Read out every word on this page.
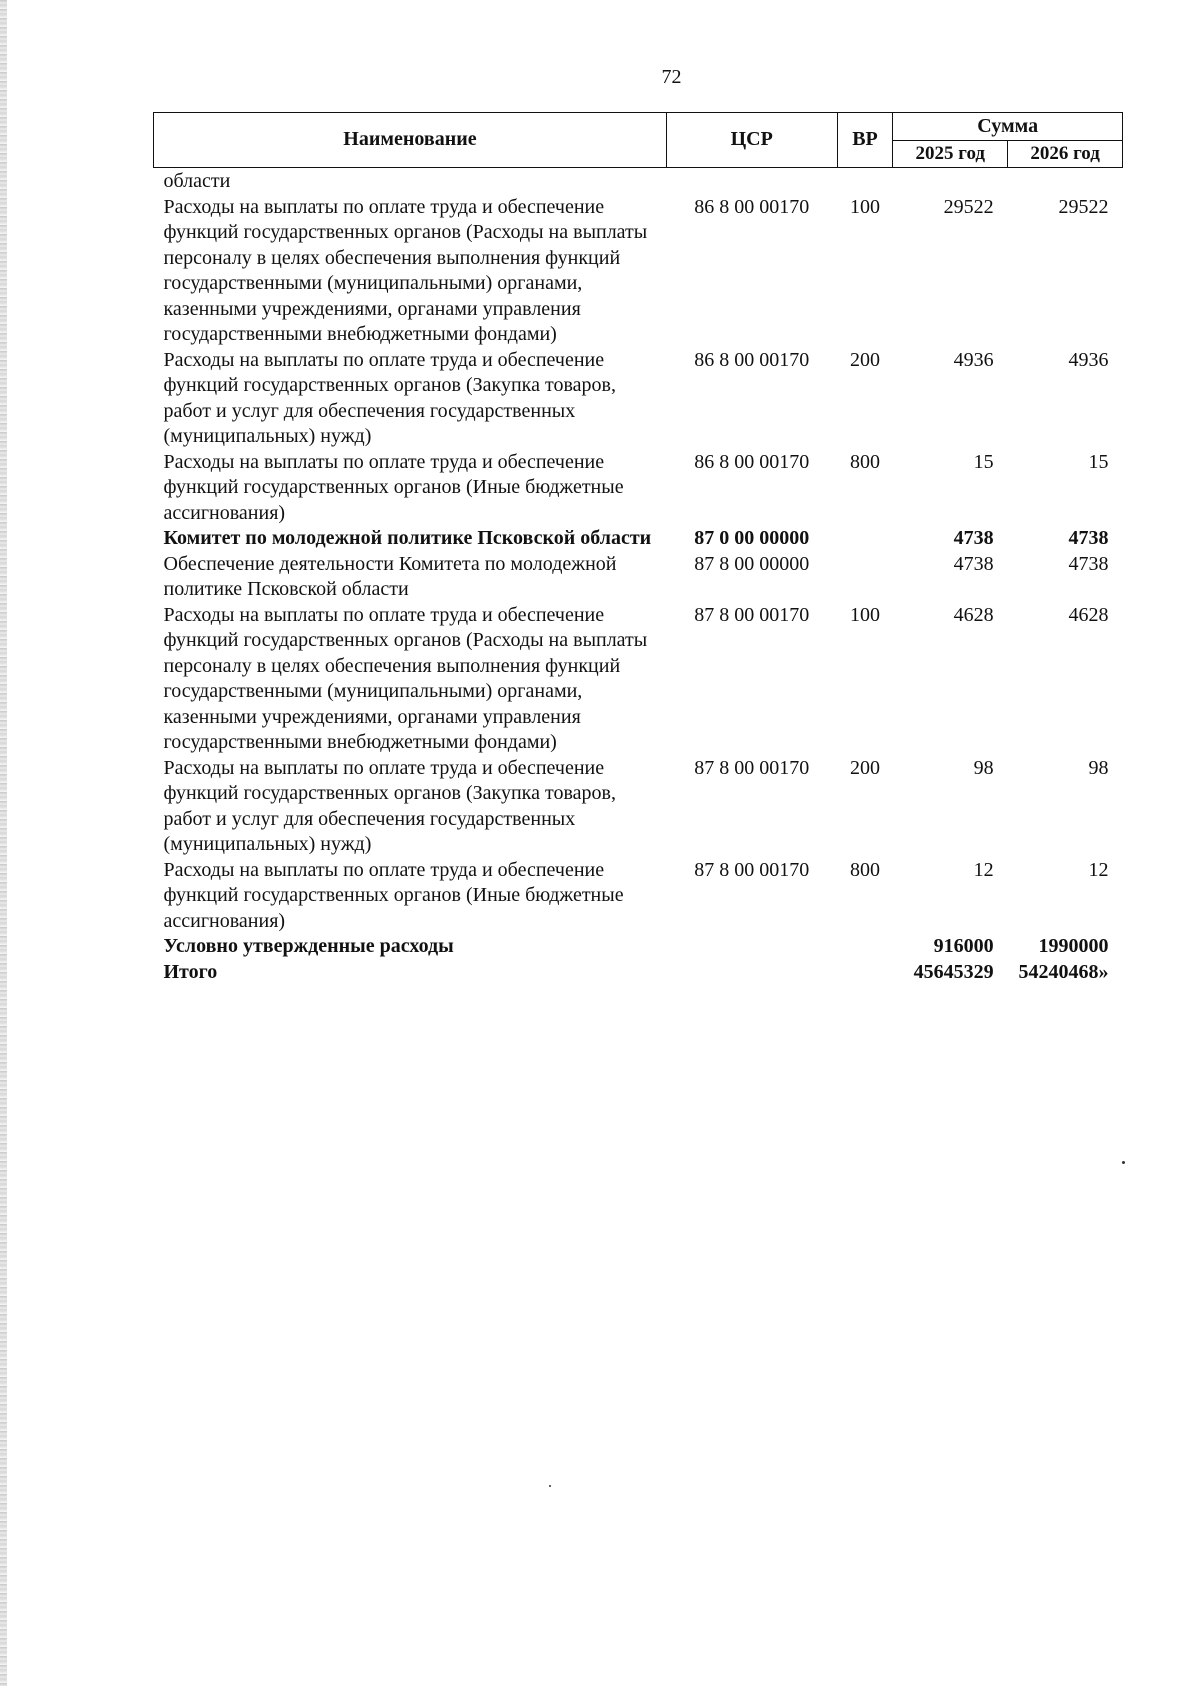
72
Наименование	ЦСР	ВР	Сумма	
			2025 год	2026 год
области				
Расходы на выплаты по оплате труда и обеспечение функций государственных органов (Расходы на выплаты персоналу в целях обеспечения выполнения функций государственными (муниципальными) органами, казенными учреждениями, органами управления государственными внебюджетными фондами)	86 8 00 00170	100	29522	29522
Расходы на выплаты по оплате труда и обеспечение функций государственных органов (Закупка товаров, работ и услуг для обеспечения государственных (муниципальных) нужд)	86 8 00 00170	200	4936	4936
Расходы на выплаты по оплате труда и обеспечение функций государственных органов (Иные бюджетные ассигнования)	86 8 00 00170	800	15	15
Комитет по молодежной политике Псковской области	87 0 00 00000		4738	4738
Обеспечение деятельности Комитета по молодежной политике Псковской области	87 8 00 00000		4738	4738
Расходы на выплаты по оплате труда и обеспечение функций государственных органов (Расходы на выплаты персоналу в целях обеспечения выполнения функций государственными (муниципальными) органами, казенными учреждениями, органами управления государственными внебюджетными фондами)	87 8 00 00170	100	4628	4628
Расходы на выплаты по оплате труда и обеспечение функций государственных органов (Закупка товаров, работ и услуг для обеспечения государственных (муниципальных) нужд)	87 8 00 00170	200	98	98
Расходы на выплаты по оплате труда и обеспечение функций государственных органов (Иные бюджетные ассигнования)	87 8 00 00170	800	12	12
Условно утвержденные расходы			916000	1990000
Итого			45645329	54240468»
